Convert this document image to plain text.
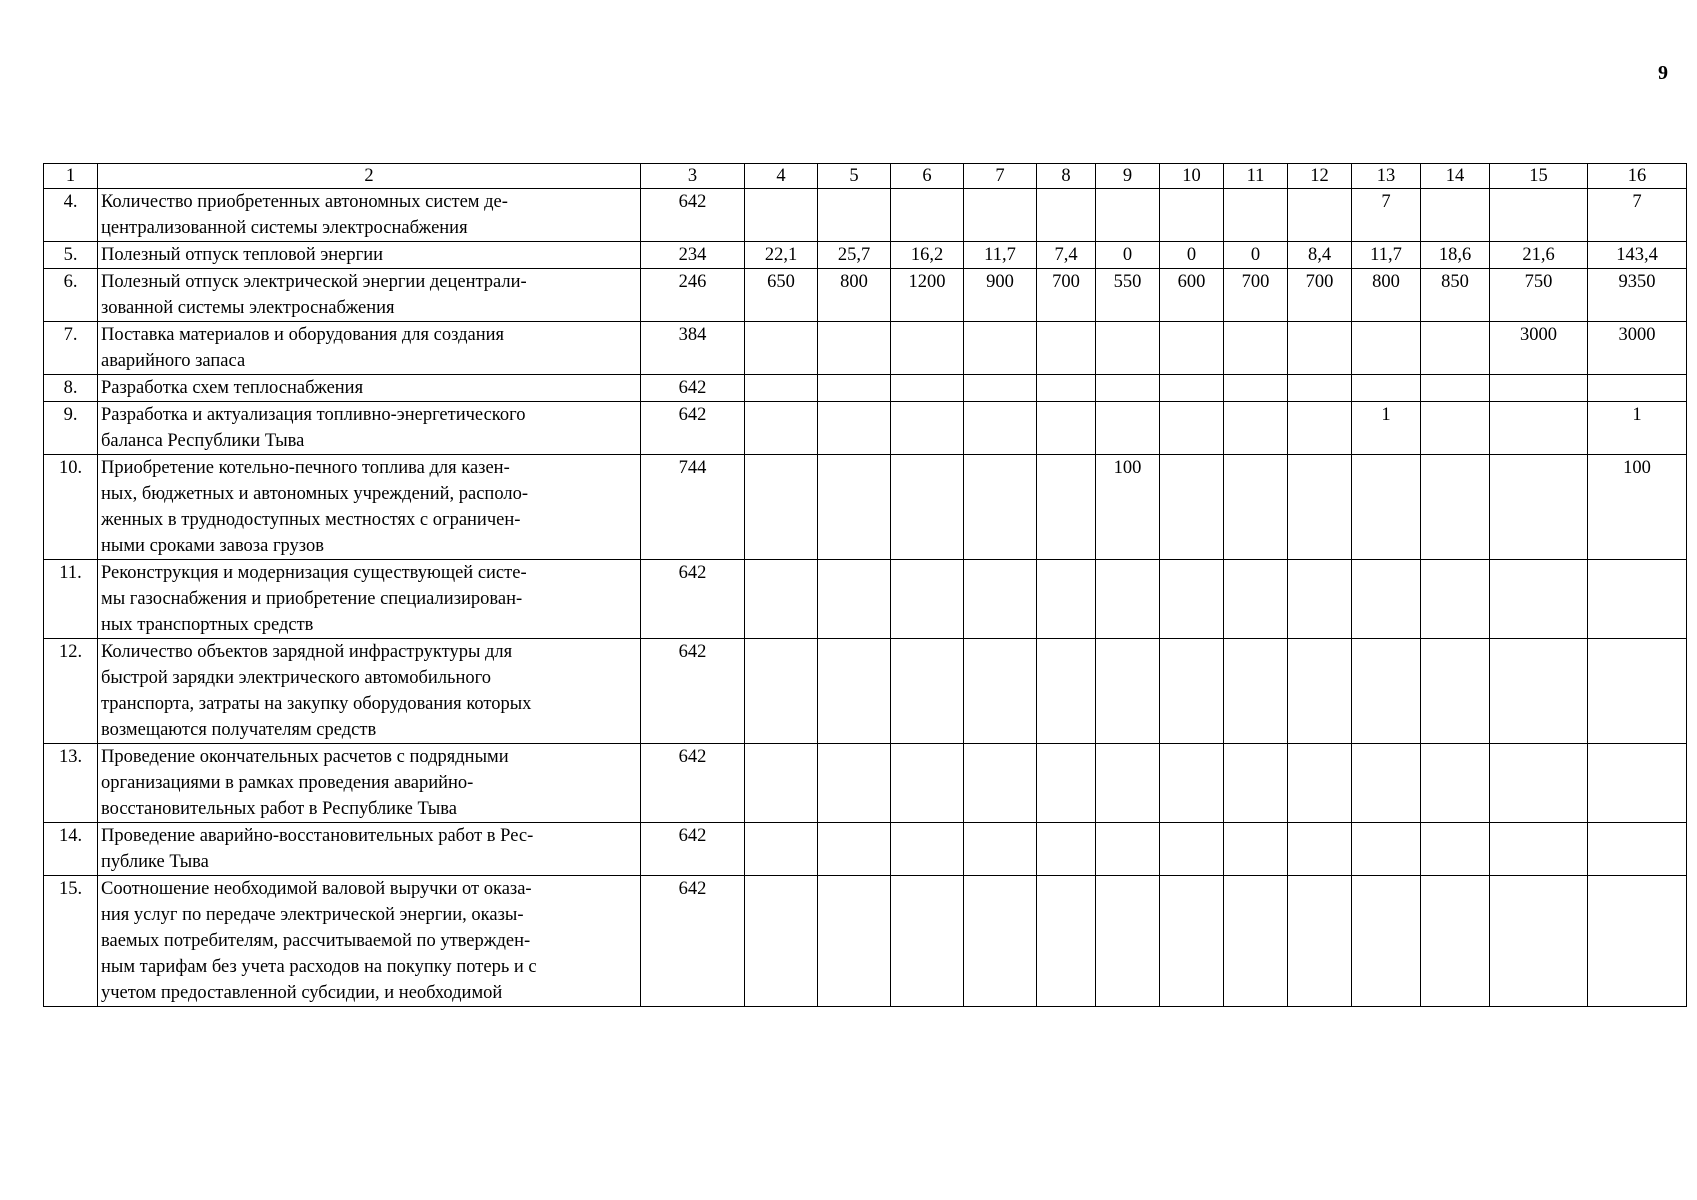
9
1	2	3	4	5	6	7	8	9	10	11	12	13	14	15	16
4.	Количество приобретенных автономных систем де-
централизованной системы электроснабжения	642										7			7
5.	Полезный отпуск тепловой энергии	234	22,1	25,7	16,2	11,7	7,4	0	0	0	8,4	11,7	18,6	21,6	143,4
6.	Полезный отпуск электрической энергии децентрали-
зованной системы электроснабжения	246	650	800	1200	900	700	550	600	700	700	800	850	750	9350
7.	Поставка материалов и оборудования для создания
аварийного запаса	384												3000	3000
8.	Разработка схем теплоснабжения	642													
9.	Разработка и актуализация топливно-энергетического
баланса Республики Тыва	642										1			1
10.	Приобретение котельно-печного топлива для казен-
ных, бюджетных и автономных учреждений, располо-
женных в труднодоступных местностях с ограничен-
ными сроками завоза грузов	744						100							100
11.	Реконструкция и модернизация существующей систе-
мы газоснабжения и приобретение специализирован-
ных транспортных средств	642													
12.	Количество объектов зарядной инфраструктуры для
быстрой зарядки электрического автомобильного
транспорта, затраты на закупку оборудования которых
возмещаются получателям средств	642													
13.	Проведение окончательных расчетов с подрядными
организациями в рамках проведения аварийно-
восстановительных работ в Республике Тыва	642													
14.	Проведение аварийно-восстановительных работ в Рес-
публике Тыва	642													
15.	Соотношение необходимой валовой выручки от оказа-
ния услуг по передаче электрической энергии, оказы-
ваемых потребителям, рассчитываемой по утвержден-
ным тарифам без учета расходов на покупку потерь и с
учетом предоставленной субсидии, и необходимой	642													
